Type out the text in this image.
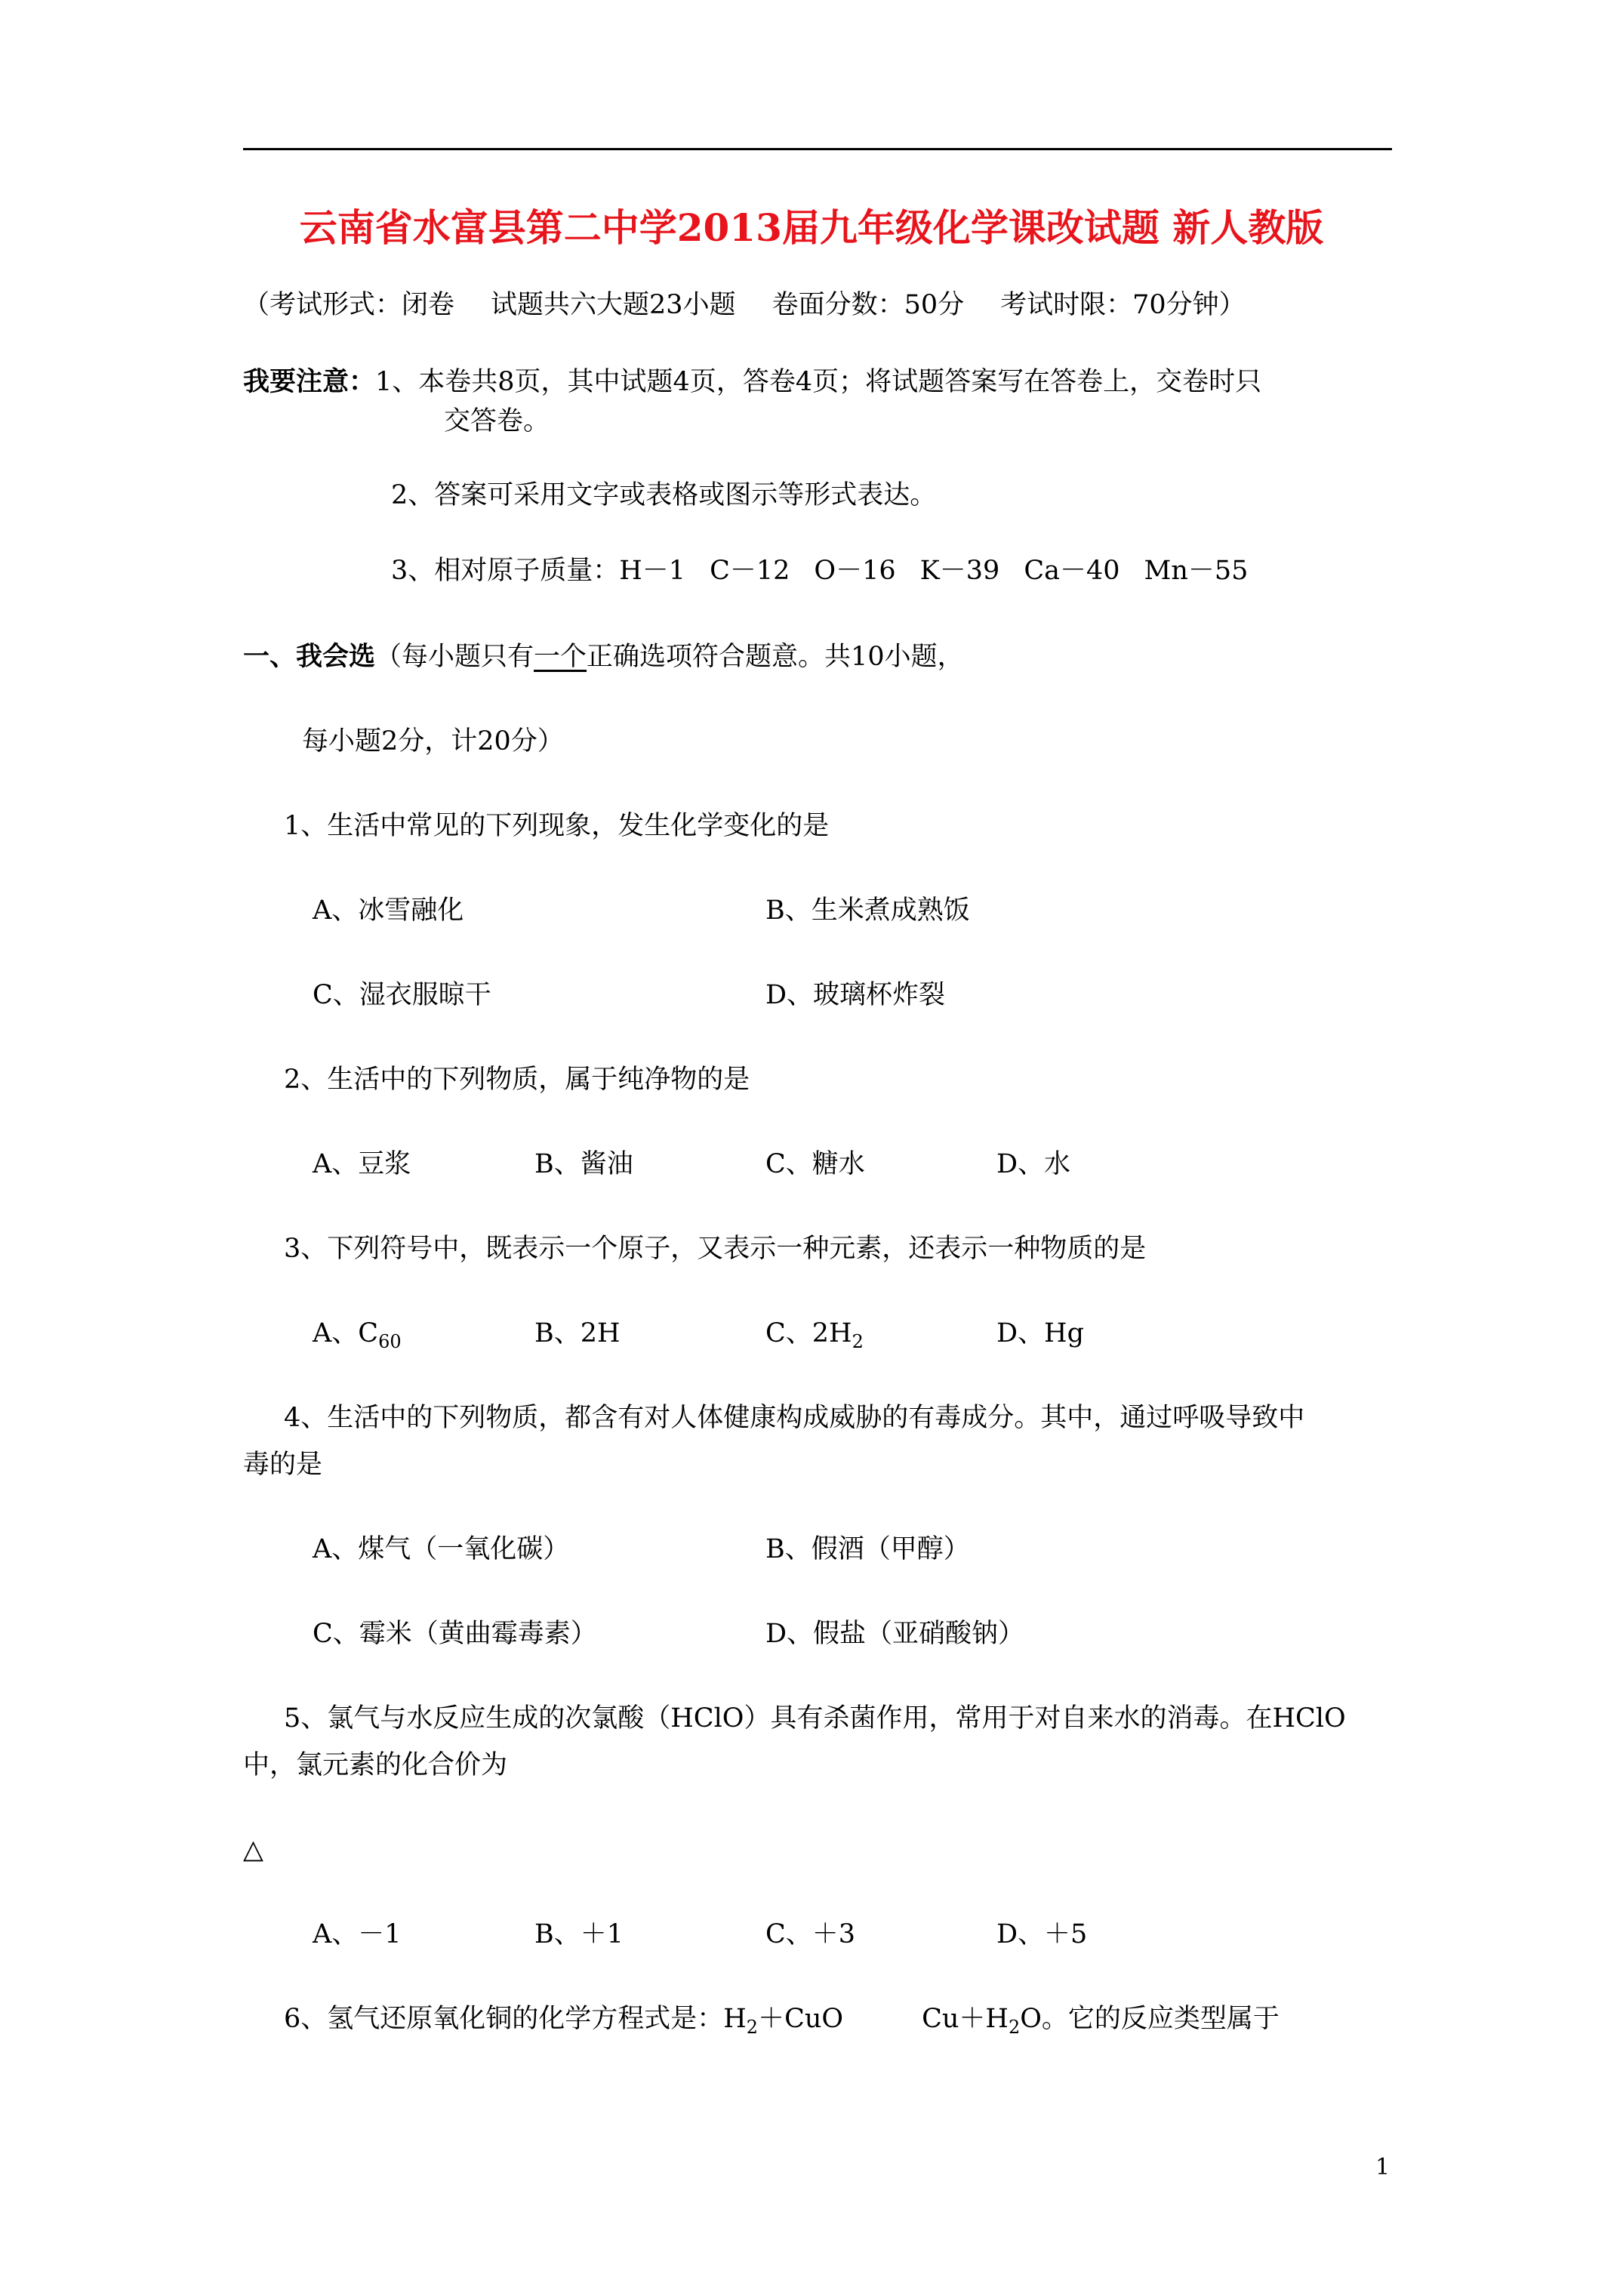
云南省水富县第二中学2013届九年级化学课改试题 新人教版
（考试形式：闭卷 试题共六大题23小题 卷面分数：50分 考试时限：70分钟）
我要注意：1、本卷共8页，其中试题4页，答卷4页；将试题答案写在答卷上，交卷时只
交答卷。
2、答案可采用文字或表格或图示等形式表达。
3、相对原子质量：H－1 C－12 O－16 K－39 Ca－40 Mn－55
一、我会选（每小题只有一个正确选项符合题意。共10小题，
每小题2分，计20分）
1、生活中常见的下列现象，发生化学变化的是
A、冰雪融化	B、生米煮成熟饭
C、湿衣服晾干	D、玻璃杯炸裂
2、生活中的下列物质，属于纯净物的是
A、豆浆	B、酱油	C、糖水	D、水
3、下列符号中，既表示一个原子，又表示一种元素，还表示一种物质的是
A、$C_{60}$	B、2H	C、$2H_2$	D、Hg
4、生活中的下列物质，都含有对人体健康构成威胁的有毒成分。其中，通过呼吸导致中
毒的是
A、煤气（一氧化碳）	B、假酒（甲醇）
C、霉米（黄曲霉毒素）	D、假盐（亚硝酸钠）
5、氯气与水反应生成的次氯酸（HClO）具有杀菌作用，常用于对自来水的消毒。在HClO
中，氯元素的化合价为
△
A、－1	B、＋1	C、＋3	D、＋5
6、氢气还原氧化铜的化学方程式是：$H_2+CuO$	$Cu+H_2O$。它的反应类型属于
1
